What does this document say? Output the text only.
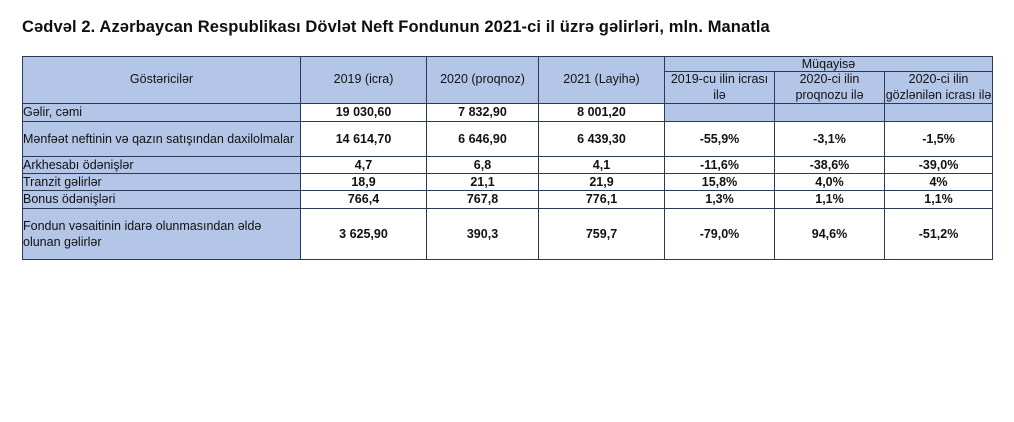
Cədvəl 2. Azərbaycan Respublikası Dövlət Neft Fondunun 2021-ci il üzrə gəlirləri, mln. Manatla
Göstəricilər	2019 (icra)	2020 (proqnoz)	2021 (Layihə)	Müqayisə		
				2019-cu ilin icrası ilə	2020-ci ilin proqnozu ilə	2020-ci ilin gözlənilən icrası ilə
Gəlir, cəmi	19 030,60	7 832,90	8 001,20			
Mənfəət neftinin və qazın satışından daxilolmalar	14 614,70	6 646,90	6 439,30	-55,9%	-3,1%	-1,5%
Arkhesabı ödənişlər	4,7	6,8	4,1	-11,6%	-38,6%	-39,0%
Tranzit gəlirlər	18,9	21,1	21,9	15,8%	4,0%	4%
Bonus ödənişləri	766,4	767,8	776,1	1,3%	1,1%	1,1%
Fondun vəsaitinin idarə olunmasından əldə olunan gəlirlər	3 625,90	390,3	759,7	-79,0%	94,6%	-51,2%
